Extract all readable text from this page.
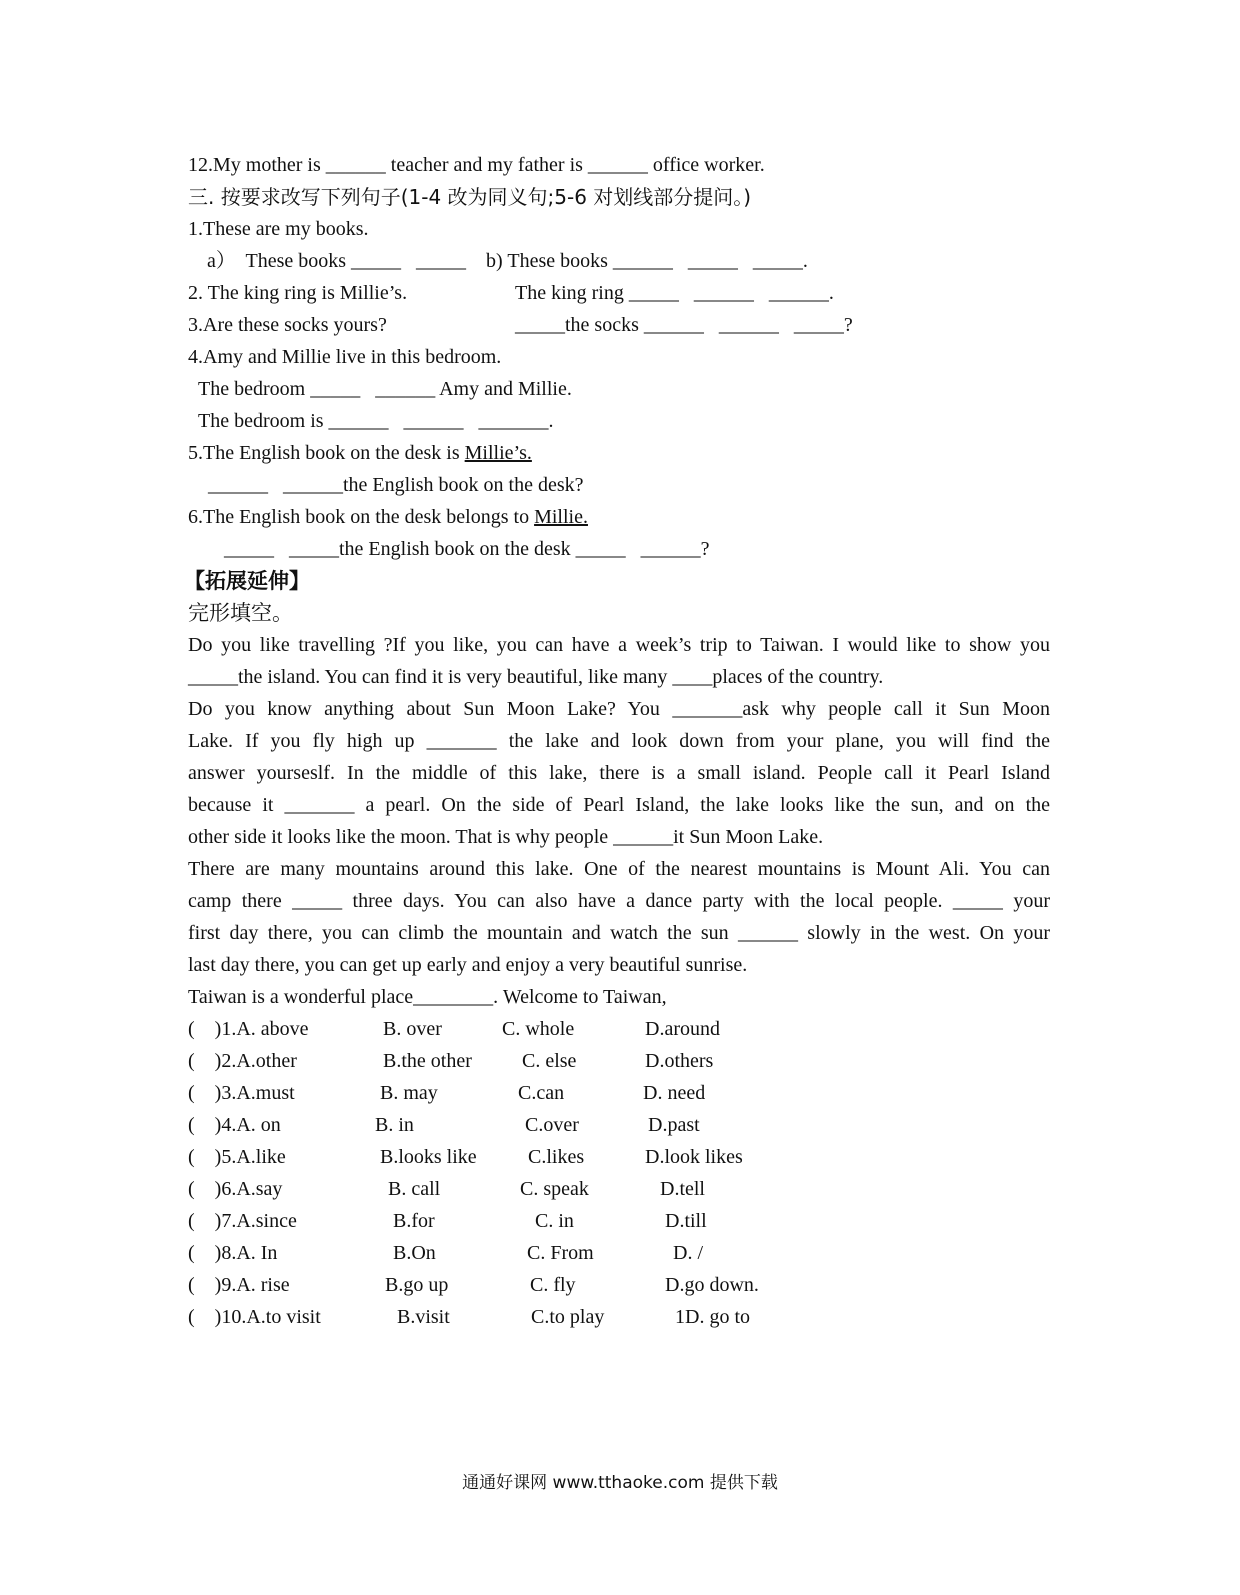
12.My mother is ______ teacher and my father is ______ office worker.
三. 按要求改写下列句子(1-4 改为同义句;5-6 对划线部分提问。)
1.These are my books.
a）  These books _____   _____    b) These books ______   _____   _____.
2. The king ring is Millie’s.	The king ring _____   ______   ______.
3.Are these socks yours?	_____the socks ______   ______   _____?
4.Amy and Millie live in this bedroom.
The bedroom _____   ______ Amy and Millie.
The bedroom is ______   ______   _______.
5.The English book on the desk is Millie’s.
______   ______the English book on the desk?
6.The English book on the desk belongs to Millie.
_____   _____the English book on the desk _____   ______?
【拓展延伸】
完形填空。
Do you like travelling ?If you like, you can have a week’s trip to Taiwan. I would like to show you
_____the island. You can find it is very beautiful, like many ____places of the country.
Do you know anything about Sun Moon Lake? You _______ask why people call it Sun Moon
Lake. If you fly high up _______ the lake and look down from your plane, you will find the
answer yourseslf. In the middle of this lake, there is a small island. People call it Pearl Island
because it _______ a pearl. On the side of Pearl Island, the lake looks like the sun, and on the
other side it looks like the moon. That is why people ______it Sun Moon Lake.
There are many mountains around this lake. One of the nearest mountains is Mount Ali. You can
camp there _____ three days. You can also have a dance party with the local people. _____ your
first day there, you can climb the mountain and watch the sun ______ slowly in the west. On your
last day there, you can get up early and enjoy a very beautiful sunrise.
Taiwan is a wonderful place________. Welcome to Taiwan,
(    )1.A. above	B. over	C. whole	D.around
(    )2.A.other	B.the other	C. else	D.others
(    )3.A.must	B. may	C.can	D. need
(    )4.A. on	B. in	C.over	D.past
(    )5.A.like	B.looks like	C.likes	D.look likes
(    )6.A.say	B. call	C. speak	D.tell
(    )7.A.since	B.for	C. in	D.till
(    )8.A. In	B.On	C. From	D. /
(    )9.A. rise	B.go up	C. fly	D.go down.
(    )10.A.to visit	B.visit	C.to play	1D. go to
通通好课网 www.tthaoke.com 提供下载
